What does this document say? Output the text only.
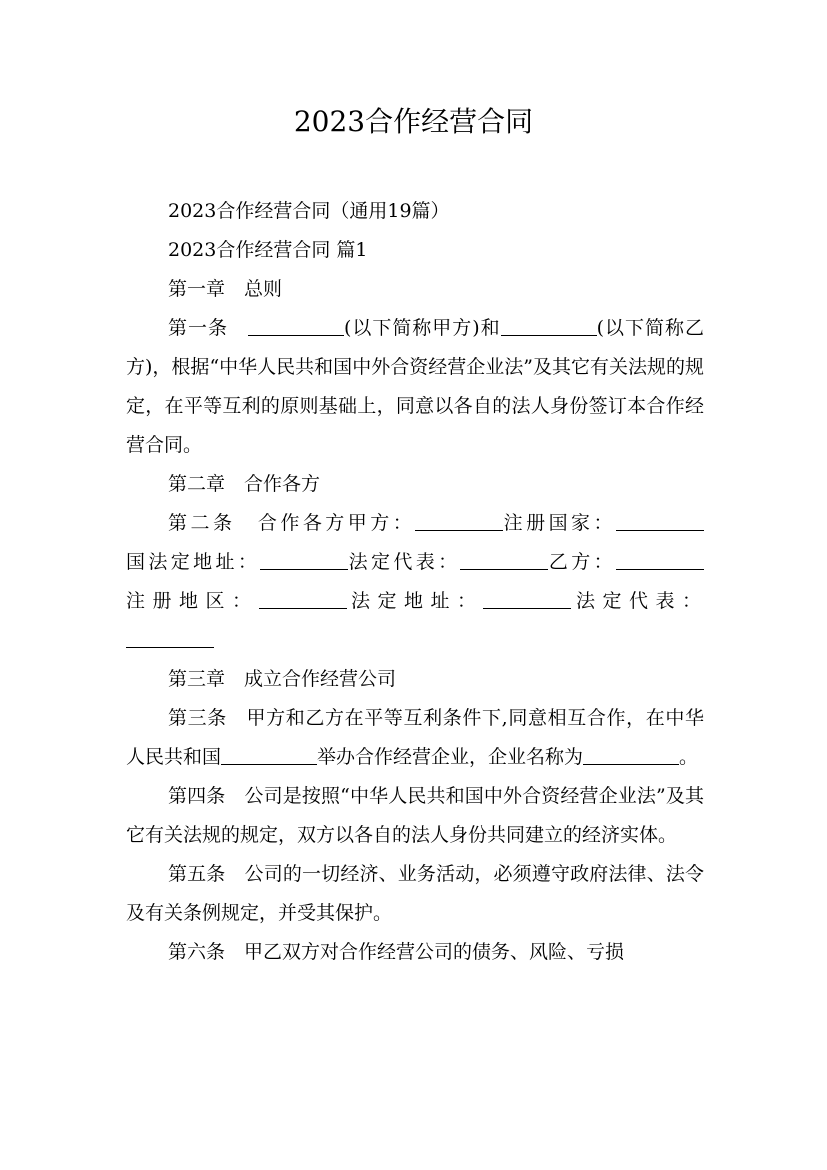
2023合作经营合同

2023合作经营合同（通用19篇）

2023合作经营合同 篇1

第一章　总则

第一条　	(以下简称甲方)和	(以下简称乙方)，根据“中华人民共和国中外合资经营企业法”及其它有关法规的规定，在平等互利的原则基础上，同意以各自的法人身份签订本合作经营合同。

第二章　合作各方

第二条　合作各方甲方：	注册国家：国法定地址：	法定代表：	乙方：注册地区：	法定地址：	法定代表：

第三章　成立合作经营公司

第三条　甲方和乙方在平等互利条件下,同意相互合作，在中华人民共和国	举办合作经营企业，企业名称为	。

第四条　公司是按照“中华人民共和国中外合资经营企业法”及其它有关法规的规定，双方以各自的法人身份共同建立的经济实体。

第五条　公司的一切经济、业务活动，必须遵守政府法律、法令及有关条例规定，并受其保护。

第六条　甲乙双方对合作经营公司的债务、风险、亏损
